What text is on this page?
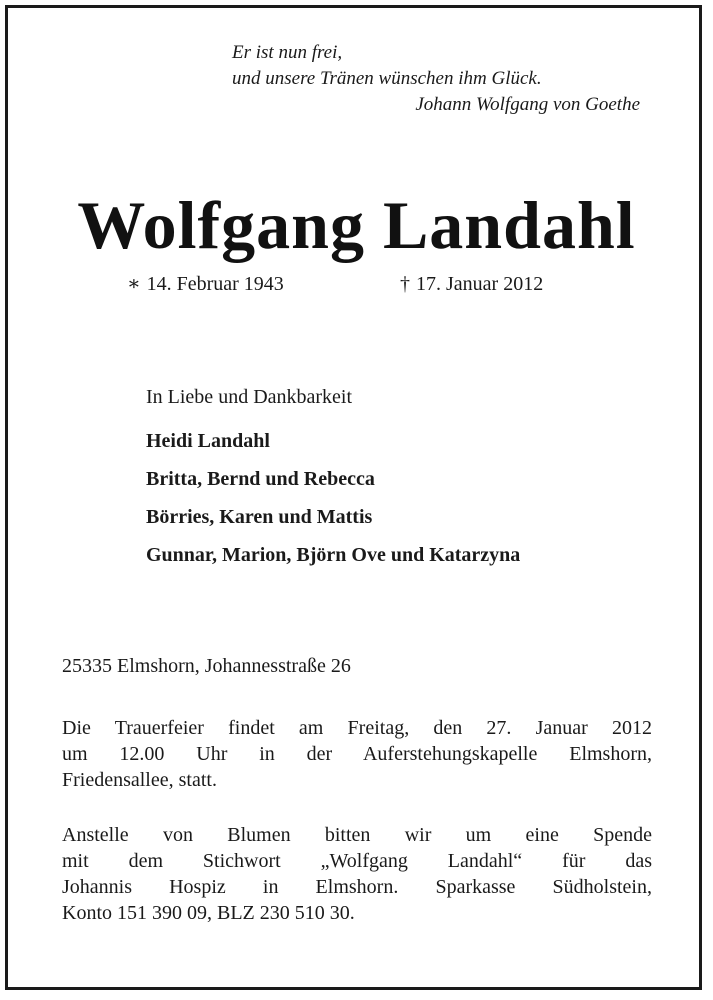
Er ist nun frei,
und unsere Tränen wünschen ihm Glück.
Johann Wolfgang von Goethe
Wolfgang Landahl
∗ 14. Februar 1943	† 17. Januar 2012
In Liebe und Dankbarkeit
Heidi Landahl
Britta, Bernd und Rebecca
Börries, Karen und Mattis
Gunnar, Marion, Björn Ove und Katarzyna
25335 Elmshorn, Johannesstraße 26
Die Trauerfeier findet am Freitag, den 27. Januar 2012
um 12.00 Uhr in der Auferstehungskapelle Elmshorn,
Friedensallee, statt.
Anstelle von Blumen bitten wir um eine Spende
mit dem Stichwort „Wolfgang Landahl“ für das
Johannis Hospiz in Elmshorn. Sparkasse Südholstein,
Konto 151 390 09, BLZ 230 510 30.
